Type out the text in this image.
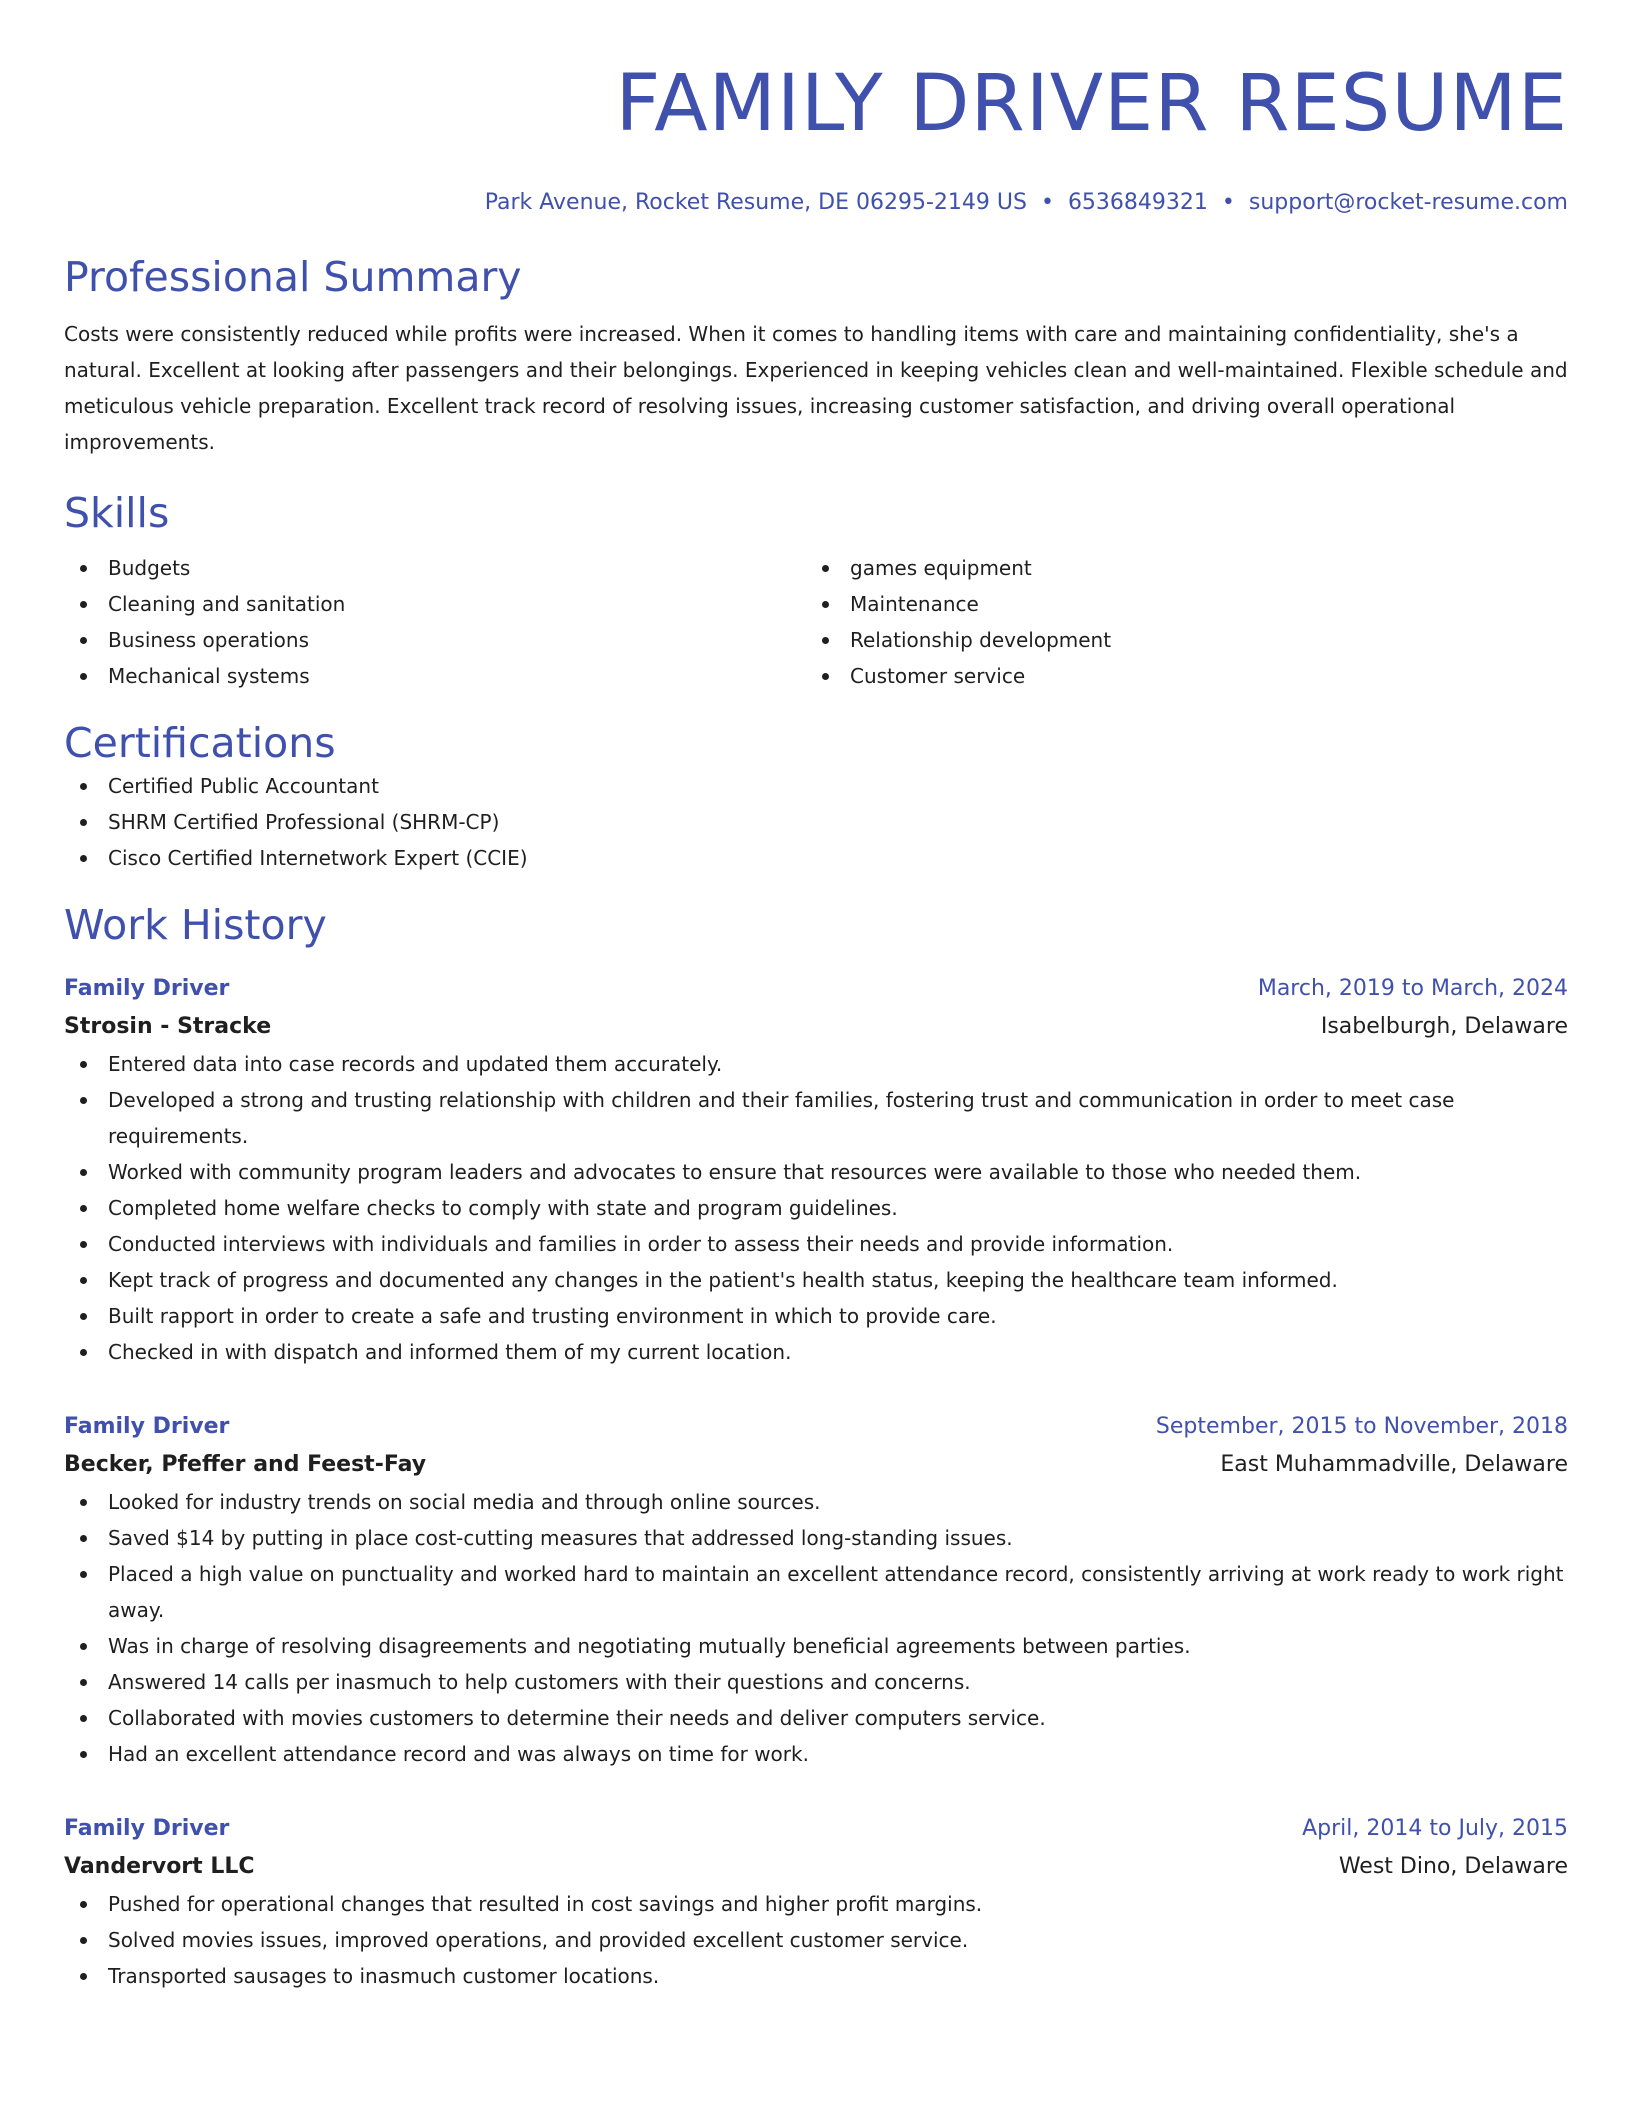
FAMILY DRIVER RESUME
Park Avenue, Rocket Resume, DE 06295-2149 US • 6536849321 • support@rocket-resume.com
Professional Summary

Costs were consistently reduced while profits were increased. When it comes to handling items with care and maintaining confidentiality, she's a natural. Excellent at looking after passengers and their belongings. Experienced in keeping vehicles clean and well-maintained. Flexible schedule and meticulous vehicle preparation. Excellent track record of resolving issues, increasing customer satisfaction, and driving overall operational improvements.

Skills
Budgets
Cleaning and sanitation
Business operations
Mechanical systems
games equipment
Maintenance
Relationship development
Customer service
Certifications
Certified Public Accountant
SHRM Certified Professional (SHRM-CP)
Cisco Certified Internetwork Expert (CCIE)
Work History
Family Driver	March, 2019 to March, 2024
Strosin - Stracke	Isabelburgh, Delaware
Entered data into case records and updated them accurately.
Developed a strong and trusting relationship with children and their families, fostering trust and communication in order to meet case requirements.
Worked with community program leaders and advocates to ensure that resources were available to those who needed them.
Completed home welfare checks to comply with state and program guidelines.
Conducted interviews with individuals and families in order to assess their needs and provide information.
Kept track of progress and documented any changes in the patient's health status, keeping the healthcare team informed.
Built rapport in order to create a safe and trusting environment in which to provide care.
Checked in with dispatch and informed them of my current location.
Family Driver	September, 2015 to November, 2018
Becker, Pfeffer and Feest-Fay	East Muhammadville, Delaware
Looked for industry trends on social media and through online sources.
Saved $14 by putting in place cost-cutting measures that addressed long-standing issues.
Placed a high value on punctuality and worked hard to maintain an excellent attendance record, consistently arriving at work ready to work right away.
Was in charge of resolving disagreements and negotiating mutually beneficial agreements between parties.
Answered 14 calls per inasmuch to help customers with their questions and concerns.
Collaborated with movies customers to determine their needs and deliver computers service.
Had an excellent attendance record and was always on time for work.
Family Driver	April, 2014 to July, 2015
Vandervort LLC	West Dino, Delaware
Pushed for operational changes that resulted in cost savings and higher profit margins.
Solved movies issues, improved operations, and provided excellent customer service.
Transported sausages to inasmuch customer locations.
